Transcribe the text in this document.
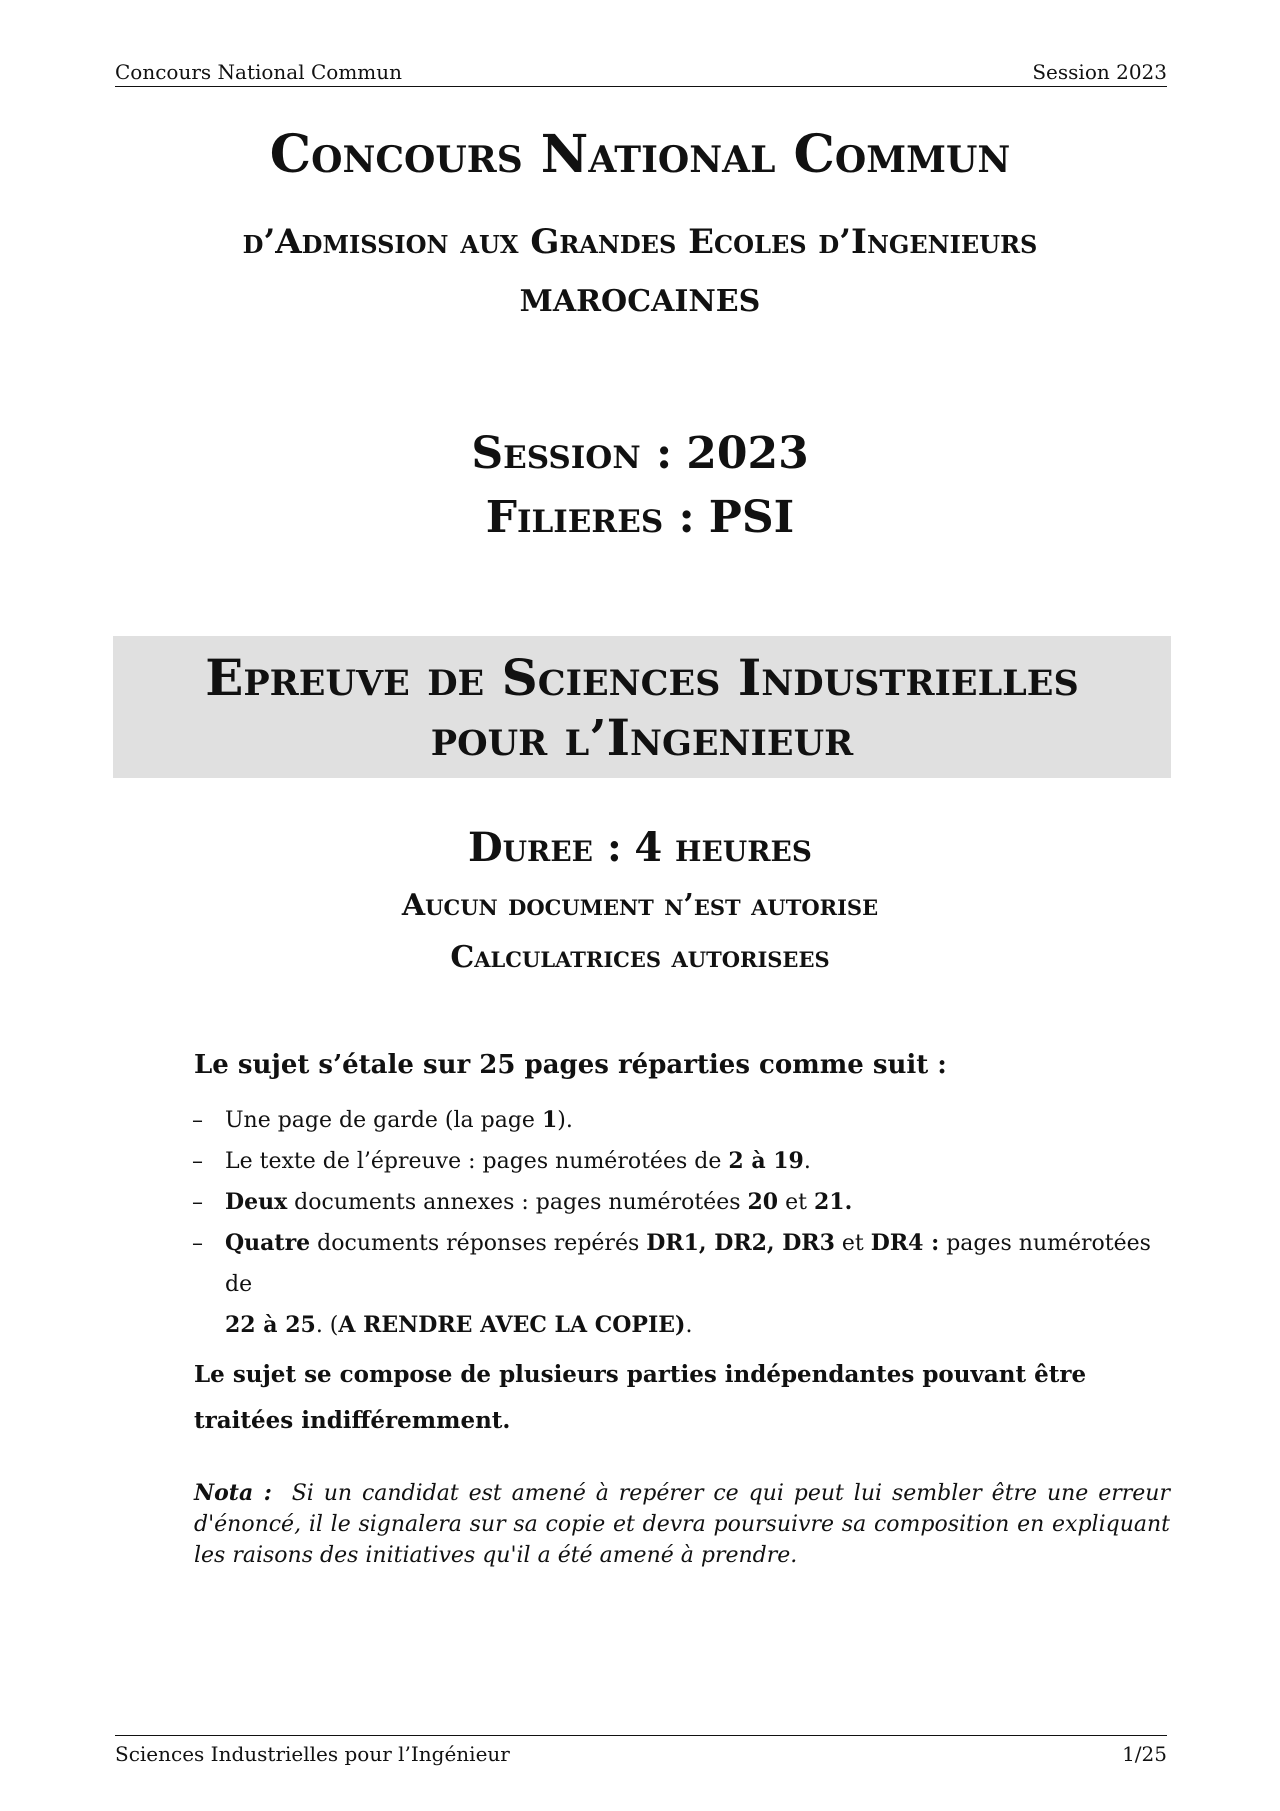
Concours National Commun	Session 2023
Concours National Commun
d’Admission aux Grandes Ecoles d’Ingenieurs
MAROCAINES
Session : 2023
Filieres : PSI
Epreuve de Sciences Industrielles
pour l’Ingenieur
Duree : 4 heures
Aucun document n’est autorise
Calculatrices autorisees
Le sujet s’étale sur 25 pages réparties comme suit :
– Une page de garde (la page 1).
– Le texte de l’épreuve : pages numérotées de 2 à 19.
– Deux documents annexes : pages numérotées 20 et 21.
– Quatre documents réponses repérés DR1, DR2, DR3 et DR4 : pages numérotées de
22 à 25. (A RENDRE AVEC LA COPIE).
Le sujet se compose de plusieurs parties indépendantes pouvant être traitées indifféremment.
Nota : Si un candidat est amené à repérer ce qui peut lui sembler être une erreur d'énoncé, il le signalera sur sa copie et devra poursuivre sa composition en expliquant les raisons des initiatives qu'il a été amené à prendre.
Sciences Industrielles pour l’Ingénieur	1/25
